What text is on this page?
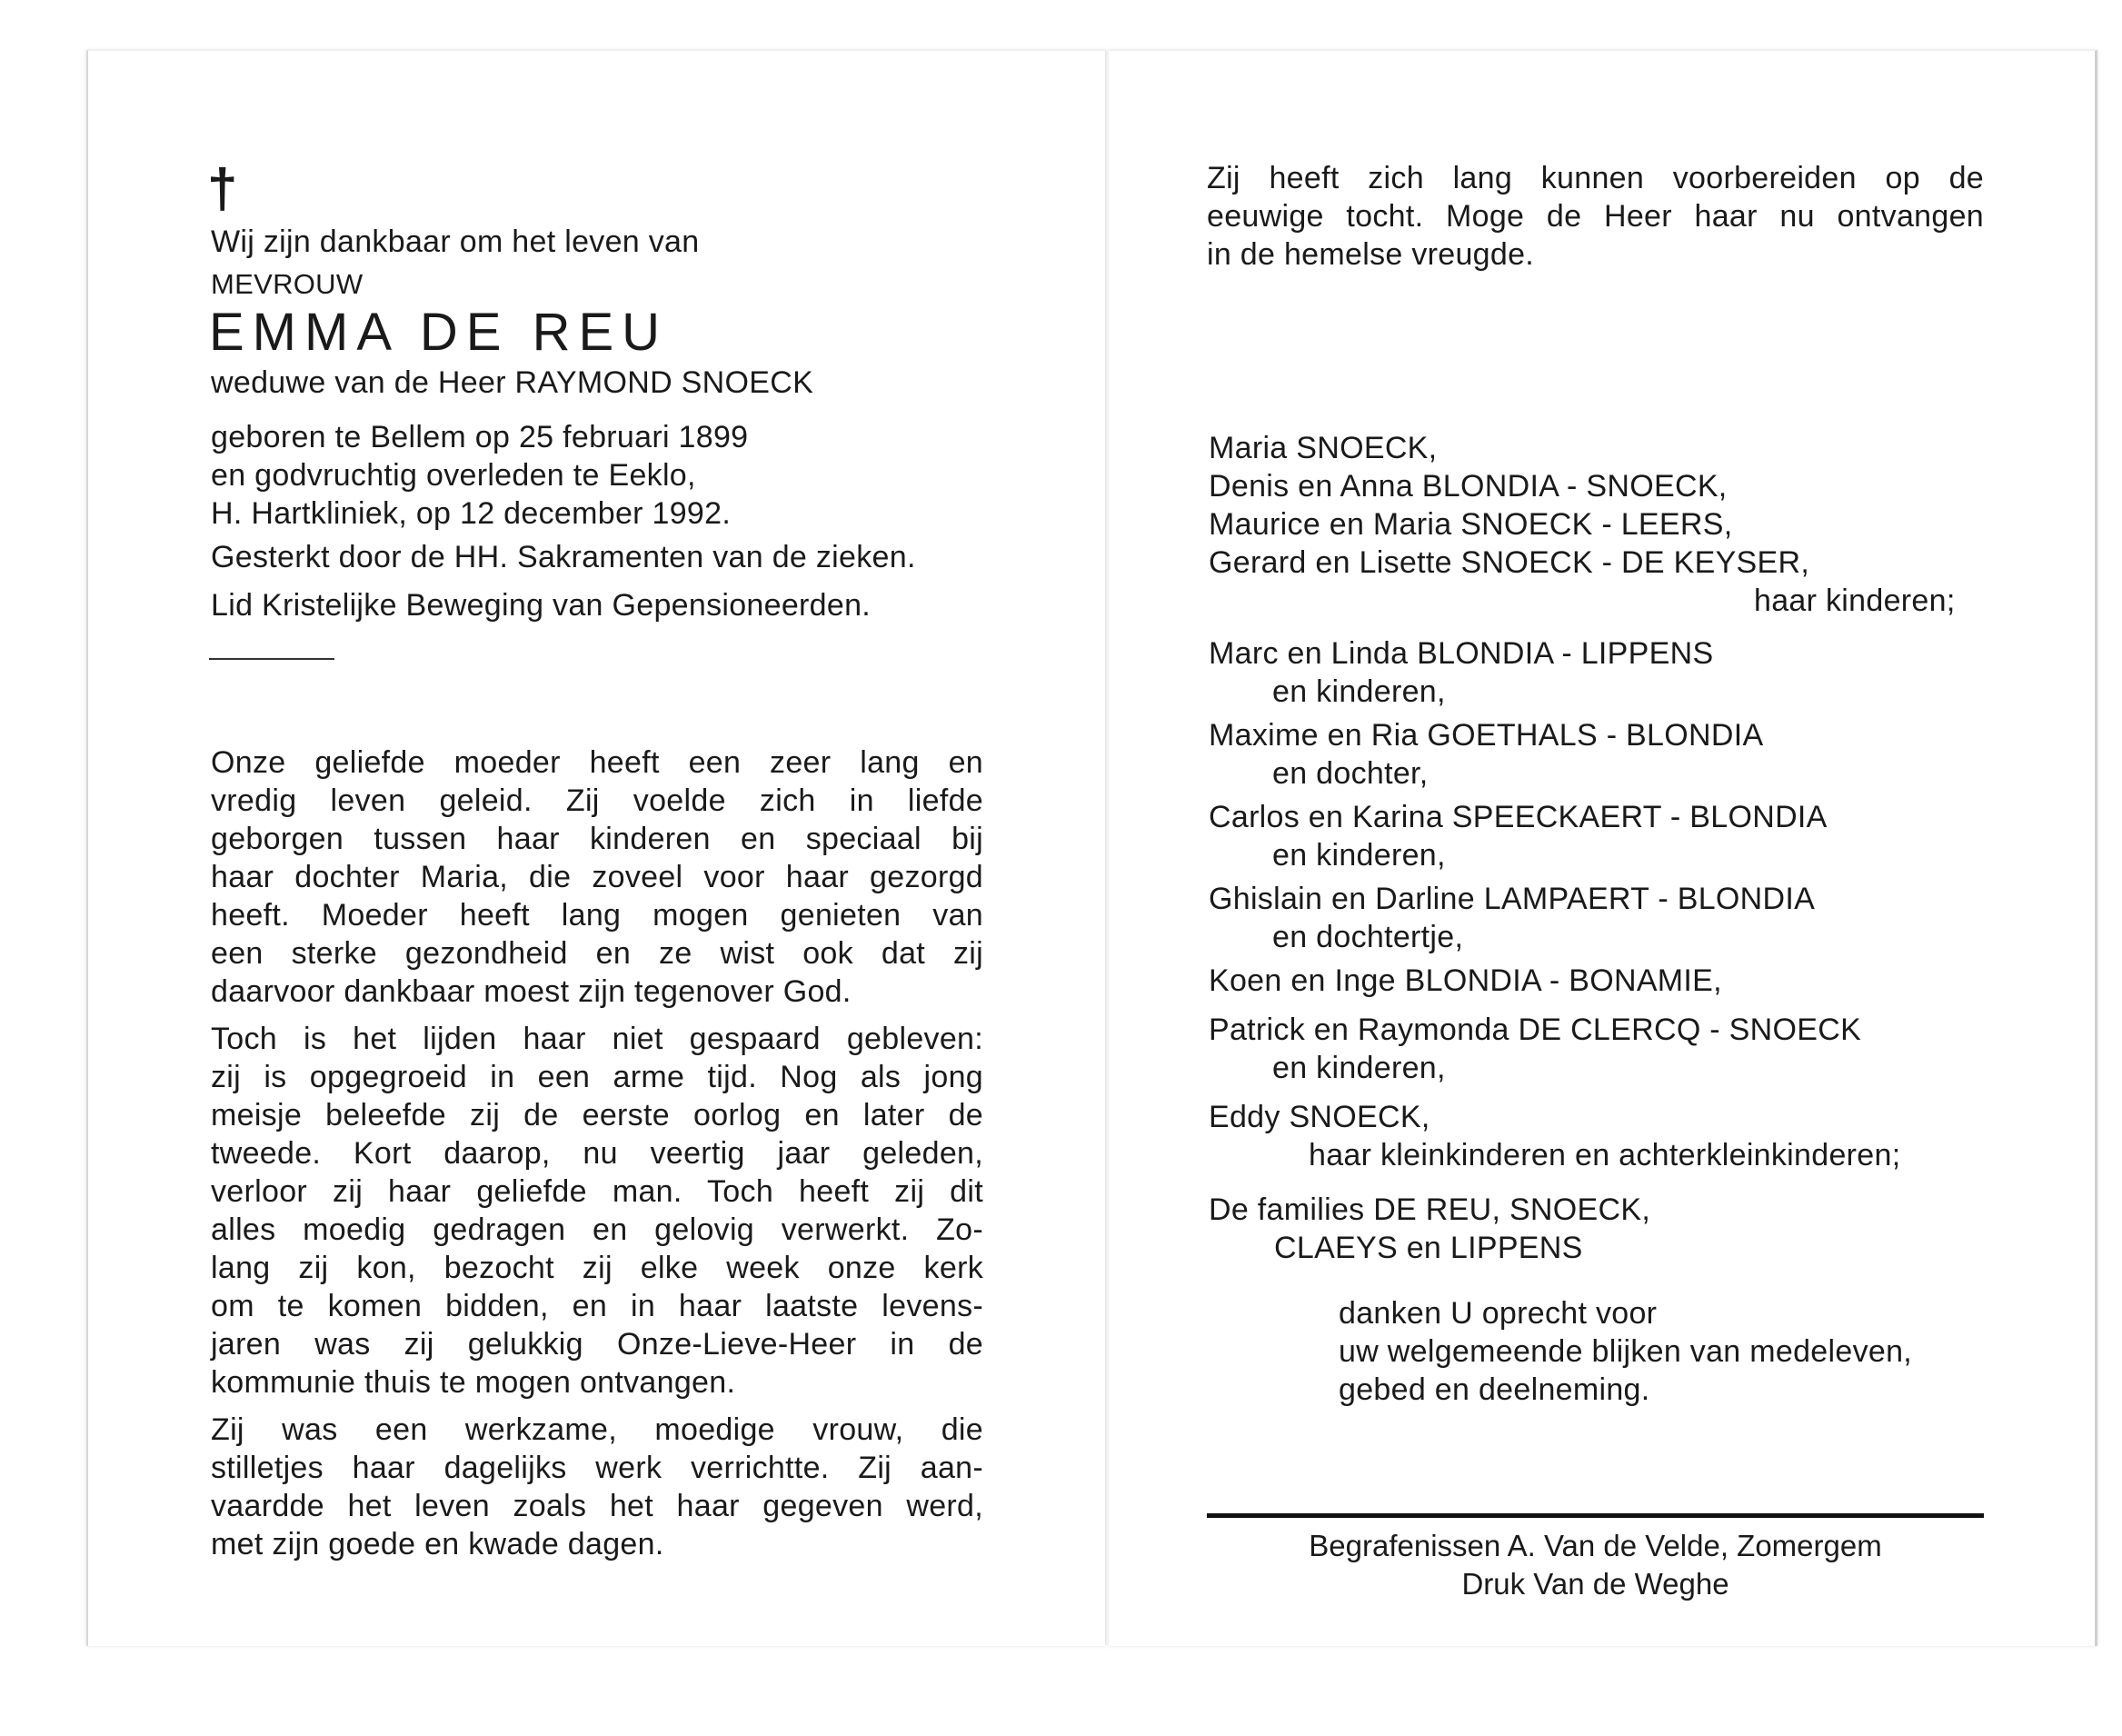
†
Wij zijn dankbaar om het leven van
MEVROUW
EMMA DE REU
weduwe van de Heer RAYMOND SNOECK
geboren te Bellem op 25 februari 1899
en godvruchtig overleden te Eeklo,
H. Hartkliniek, op 12 december 1992.
Gesterkt door de HH. Sakramenten van de zieken.
Lid Kristelijke Beweging van Gepensioneerden.
Onze geliefde moeder heeft een zeer lang en
vredig leven geleid. Zij voelde zich in liefde
geborgen tussen haar kinderen en speciaal bij
haar dochter Maria, die zoveel voor haar gezorgd
heeft. Moeder heeft lang mogen genieten van
een sterke gezondheid en ze wist ook dat zij
daarvoor dankbaar moest zijn tegenover God.
Toch is het lijden haar niet gespaard gebleven:
zij is opgegroeid in een arme tijd. Nog als jong
meisje beleefde zij de eerste oorlog en later de
tweede. Kort daarop, nu veertig jaar geleden,
verloor zij haar geliefde man. Toch heeft zij dit
alles moedig gedragen en gelovig verwerkt. Zo-
lang zij kon, bezocht zij elke week onze kerk
om te komen bidden, en in haar laatste levens-
jaren was zij gelukkig Onze-Lieve-Heer in de
kommunie thuis te mogen ontvangen.
Zij was een werkzame, moedige vrouw, die
stilletjes haar dagelijks werk verrichtte. Zij aan-
vaardde het leven zoals het haar gegeven werd,
met zijn goede en kwade dagen.
Zij heeft zich lang kunnen voorbereiden op de
eeuwige tocht. Moge de Heer haar nu ontvangen
in de hemelse vreugde.
Maria SNOECK,
Denis en Anna BLONDIA - SNOECK,
Maurice en Maria SNOECK - LEERS,
Gerard en Lisette SNOECK - DE KEYSER,
haar kinderen;
Marc en Linda BLONDIA - LIPPENS
en kinderen,
Maxime en Ria GOETHALS - BLONDIA
en dochter,
Carlos en Karina SPEECKAERT - BLONDIA
en kinderen,
Ghislain en Darline LAMPAERT - BLONDIA
en dochtertje,
Koen en Inge BLONDIA - BONAMIE,
Patrick en Raymonda DE CLERCQ - SNOECK
en kinderen,
Eddy SNOECK,
haar kleinkinderen en achterkleinkinderen;
De families DE REU, SNOECK,
CLAEYS en LIPPENS
danken U oprecht voor
uw welgemeende blijken van medeleven,
gebed en deelneming.
Begrafenissen A. Van de Velde, Zomergem
Druk Van de Weghe
